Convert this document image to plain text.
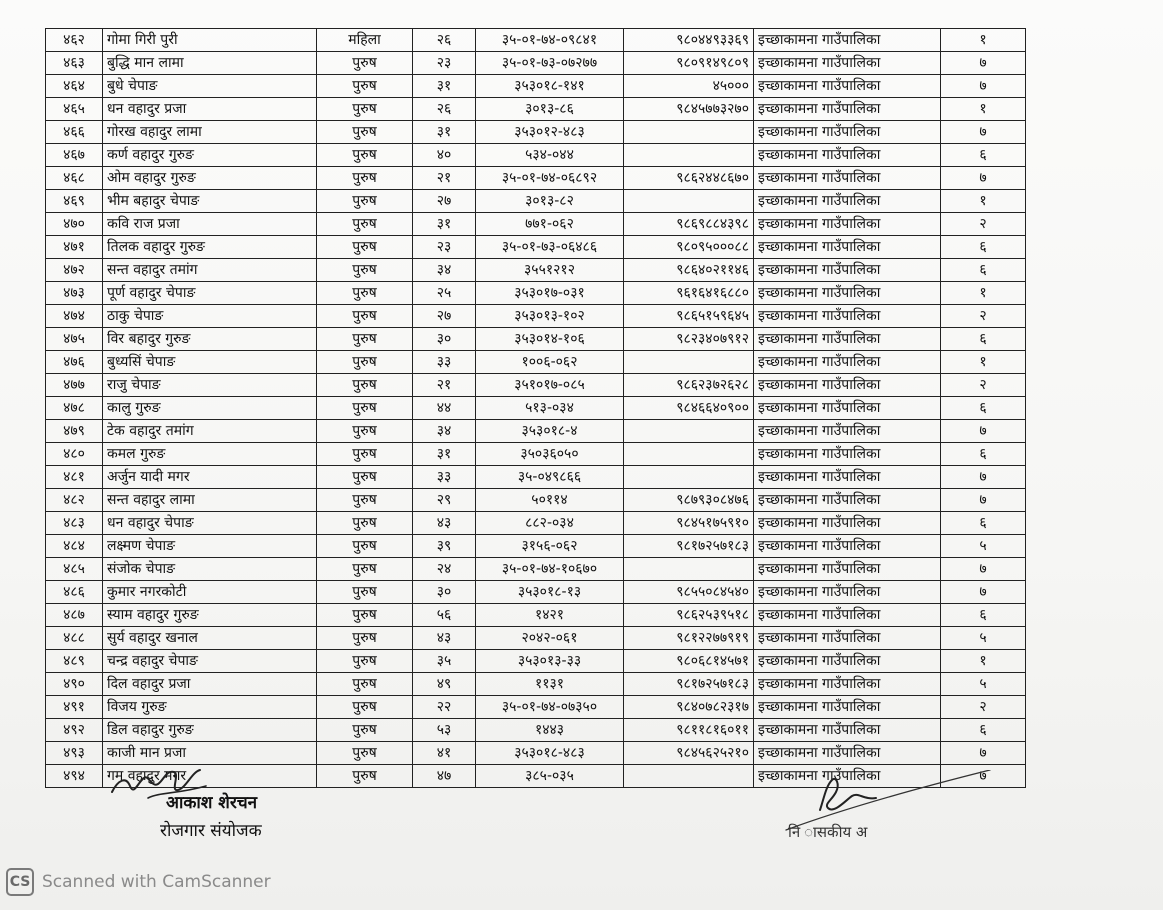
४६२	गोमा गिरी पुरी	महिला	२६	३५-०१-७४-०९८४१	९८०४४९३३६९	इच्छाकामना गाउँपालिका	१
४६३	बुद्धि मान लामा	पुरुष	२३	३५-०१-७३-०७२७७	९८०९१४९८०९	इच्छाकामना गाउँपालिका	७
४६४	बुधे चेपाङ	पुरुष	३१	३५३०१८-१४१	४५०००	इच्छाकामना गाउँपालिका	७
४६५	धन वहादुर प्रजा	पुरुष	२६	३०१३-८६	९८४५७७३२७०	इच्छाकामना गाउँपालिका	१
४६६	गोरख वहादुर लामा	पुरुष	३१	३५३०१२-४८३		इच्छाकामना गाउँपालिका	७
४६७	कर्ण वहादुर गुरुङ	पुरुष	४०	५३४-०४४		इच्छाकामना गाउँपालिका	६
४६८	ओम वहादुर गुरुङ	पुरुष	२१	३५-०१-७४-०६८९२	९८६२४४८६७०	इच्छाकामना गाउँपालिका	७
४६९	भीम बहादुर चेपाङ	पुरुष	२७	३०१३-८२		इच्छाकामना गाउँपालिका	१
४७०	कवि राज प्रजा	पुरुष	३१	७७१-०६२	९८६९८८४३९८	इच्छाकामना गाउँपालिका	२
४७१	तिलक वहादुर गुरुङ	पुरुष	२३	३५-०१-७३-०६४८६	९८०९५०००८८	इच्छाकामना गाउँपालिका	६
४७२	सन्त वहादुर तमांग	पुरुष	३४	३५५१२१२	९८६४०२११४६	इच्छाकामना गाउँपालिका	६
४७३	पूर्ण वहादुर चेपाङ	पुरुष	२५	३५३०१७-०३१	९६१६४१६८८०	इच्छाकामना गाउँपालिका	१
४७४	ठाकु चेपाङ	पुरुष	२७	३५३०१३-१०२	९८६५१५९६४५	इच्छाकामना गाउँपालिका	२
४७५	विर बहादुर गुरुङ	पुरुष	३०	३५३०१४-१०६	९८२३४०७९१२	इच्छाकामना गाउँपालिका	६
४७६	बुध्यसिं चेपाङ	पुरुष	३३	१००६-०६२		इच्छाकामना गाउँपालिका	१
४७७	राजु चेपाङ	पुरुष	२१	३५१०१७-०८५	९८६२३७२६२८	इच्छाकामना गाउँपालिका	२
४७८	कालु गुरुङ	पुरुष	४४	५१३-०३४	९८४६६४०९००	इच्छाकामना गाउँपालिका	६
४७९	टेक वहादुर तमांग	पुरुष	३४	३५३०१८-४		इच्छाकामना गाउँपालिका	७
४८०	कमल गुरुङ	पुरुष	३१	३५०३६०५०		इच्छाकामना गाउँपालिका	६
४८१	अर्जुन यादी मगर	पुरुष	३३	३५-०४९८६६		इच्छाकामना गाउँपालिका	७
४८२	सन्त वहादुर लामा	पुरुष	२९	५०११४	९८७९३०८४७६	इच्छाकामना गाउँपालिका	७
४८३	धन वहादुर चेपाङ	पुरुष	४३	८८२-०३४	९८४५१७५९१०	इच्छाकामना गाउँपालिका	६
४८४	लक्ष्मण चेपाङ	पुरुष	३९	३१५६-०६२	९८१७२५७१८३	इच्छाकामना गाउँपालिका	५
४८५	संजोक चेपाङ	पुरुष	२४	३५-०१-७४-१०६७०		इच्छाकामना गाउँपालिका	७
४८६	कुमार नगरकोटी	पुरुष	३०	३५३०१८-१३	९८५५०८४५४०	इच्छाकामना गाउँपालिका	७
४८७	स्याम वहादुर गुरुङ	पुरुष	५६	१४२१	९८६२५३९५१८	इच्छाकामना गाउँपालिका	६
४८८	सुर्य वहादुर खनाल	पुरुष	४३	२०४२-०६१	९८१२२७७९१९	इच्छाकामना गाउँपालिका	५
४८९	चन्द्र वहादुर चेपाङ	पुरुष	३५	३५३०१३-३३	९८०६८१४५७१	इच्छाकामना गाउँपालिका	१
४९०	दिल वहादुर प्रजा	पुरुष	४९	११३१	९८१७२५७१८३	इच्छाकामना गाउँपालिका	५
४९१	विजय गुरुङ	पुरुष	२२	३५-०१-७४-०७३५०	९८४०७८२३१७	इच्छाकामना गाउँपालिका	२
४९२	डिल वहादुर गुरुङ	पुरुष	५३	१४४३	९८११८१६०११	इच्छाकामना गाउँपालिका	६
४९३	काजी मान प्रजा	पुरुष	४१	३५३०१८-४८३	९८४५६२५२१०	इच्छाकामना गाउँपालिका	७
४९४	गम वहादुर मगर	पुरुष	४७	३८५-०३५		इच्छाकामना गाउँपालिका	७
आकाश शेरचन
रोजगार संयोजक	नि ासकीय अ
CS Scanned with CamScanner
